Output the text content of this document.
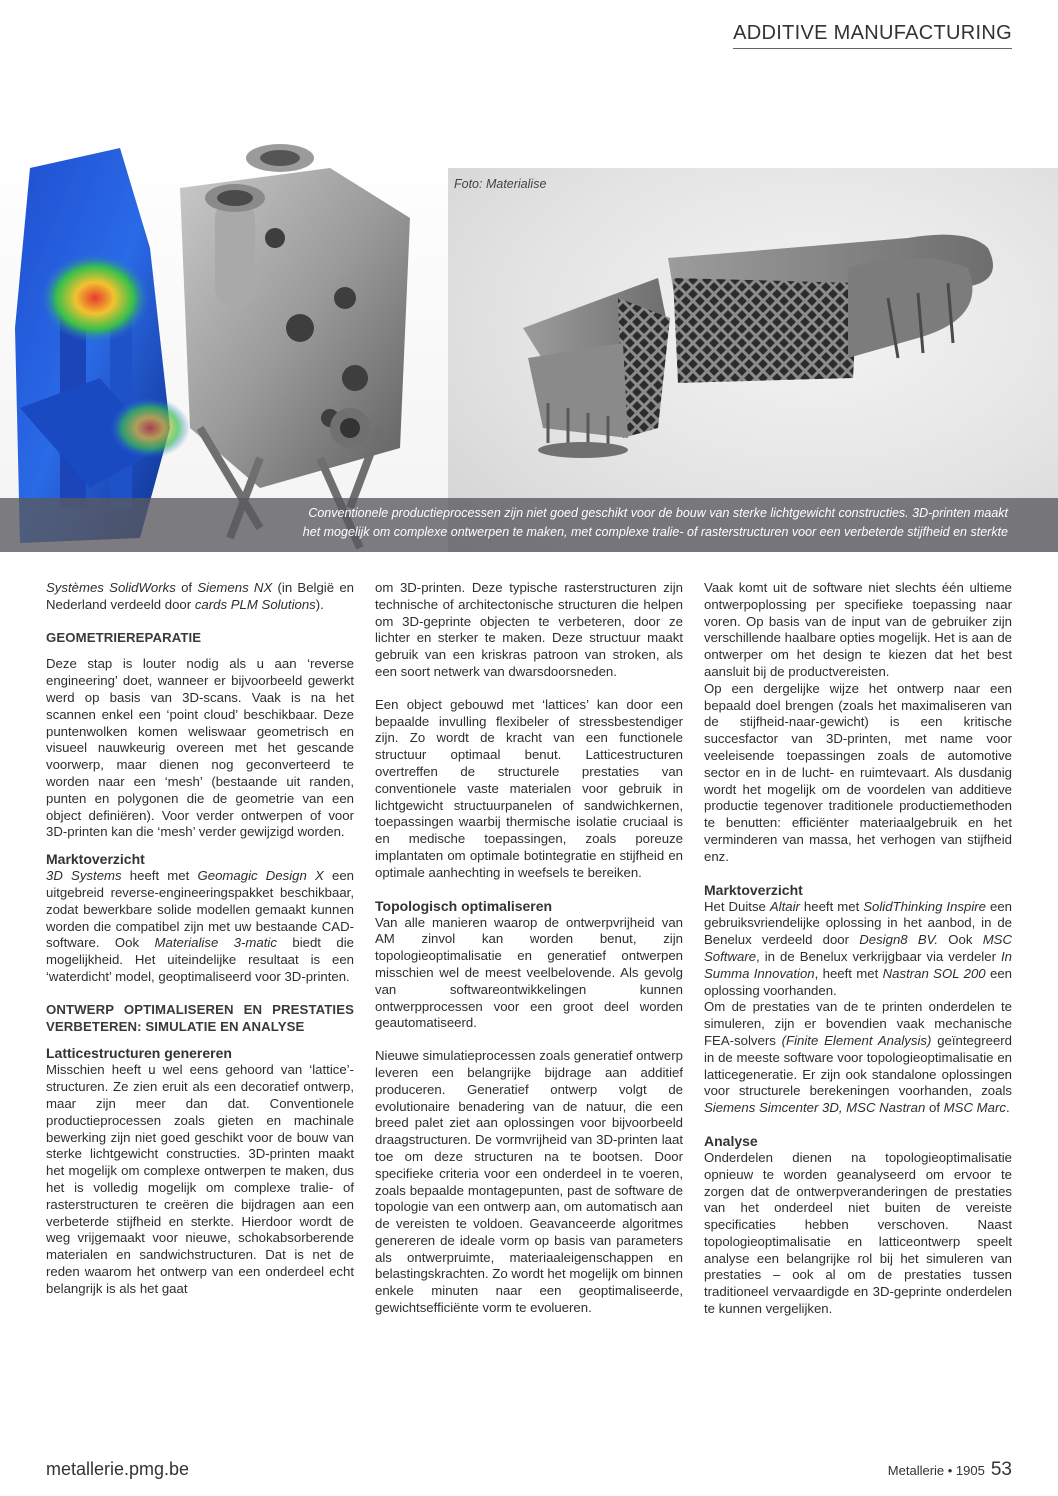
ADDITIVE MANUFACTURING
Foto: Materialise
Conventionele productieprocessen zijn niet goed geschikt voor de bouw van sterke lichtgewicht constructies. 3D-printen maakt
het mogelijk om complexe ontwerpen te maken, met complexe tralie- of rasterstructuren voor een verbeterde stijfheid en sterkte

Systèmes SolidWorks of Siemens NX (in België en Nederland verdeeld door cards PLM Solutions).

GEOMETRIEREPARATIE

Deze stap is louter nodig als u aan ‘reverse engineering’ doet, wanneer er bijvoorbeeld gewerkt werd op basis van 3D-scans. Vaak is na het scannen enkel een ‘point cloud’ beschikbaar. Deze puntenwolken komen weliswaar geometrisch en visueel nauwkeurig overeen met het gescande voorwerp, maar dienen nog geconverteerd te worden naar een ‘mesh’ (bestaande uit randen, punten en polygonen die de geometrie van een object definiëren). Voor verder ontwerpen of voor 3D-printen kan die ‘mesh’ verder gewijzigd worden.

Marktoverzicht

3D Systems heeft met Geomagic Design X een uitgebreid reverse-engineeringspakket beschikbaar, zodat bewerkbare solide modellen gemaakt kunnen worden die compatibel zijn met uw bestaande CAD-software. Ook Materialise 3-matic biedt die mogelijkheid. Het uiteindelijke resultaat is een ‘waterdicht’ model, geoptimaliseerd voor 3D-printen.

ONTWERP OPTIMALISEREN EN PRESTATIES VERBETEREN: SIMULATIE EN ANALYSE

Latticestructuren genereren

Misschien heeft u wel eens gehoord van ‘lattice’-structuren. Ze zien eruit als een decoratief ontwerp, maar zijn meer dan dat. Conventionele productieprocessen zoals gieten en machinale bewerking zijn niet goed geschikt voor de bouw van sterke lichtgewicht constructies. 3D-printen maakt het mogelijk om complexe ontwerpen te maken, dus het is volledig mogelijk om complexe tralie- of rasterstructuren te creëren die bijdragen aan een verbeterde stijfheid en sterkte. Hierdoor wordt de weg vrijgemaakt voor nieuwe, schokabsorberende materialen en sandwichstructuren. Dat is net de reden waarom het ontwerp van een onderdeel echt belangrijk is als het gaat

om 3D-printen. Deze typische rasterstructuren zijn technische of architectonische structuren die helpen om 3D-geprinte objecten te verbeteren, door ze lichter en sterker te maken. Deze structuur maakt gebruik van een kriskras patroon van stroken, als een soort netwerk van dwarsdoorsneden.

Een object gebouwd met ‘lattices’ kan door een bepaalde invulling flexibeler of stressbestendiger zijn. Zo wordt de kracht van een functionele structuur optimaal benut. Latticestructuren overtreffen de structurele prestaties van conventionele vaste materialen voor gebruik in lichtgewicht structuurpanelen of sandwichkernen, toepassingen waarbij thermische isolatie cruciaal is en medische toepassingen, zoals poreuze implantaten om optimale botintegratie en stijfheid en optimale aanhechting in weefsels te bereiken.

Topologisch optimaliseren

Van alle manieren waarop de ontwerpvrijheid van AM zinvol kan worden benut, zijn topologieoptimalisatie en generatief ontwerpen misschien wel de meest veelbelovende. Als gevolg van softwareontwikkelingen kunnen ontwerpprocessen voor een groot deel worden geautomatiseerd.

Nieuwe simulatieprocessen zoals generatief ontwerp leveren een belangrijke bijdrage aan additief produceren. Generatief ontwerp volgt de evolutionaire benadering van de natuur, die een breed palet ziet aan oplossingen voor bijvoorbeeld draagstructuren. De vormvrijheid van 3D-printen laat toe om deze structuren na te bootsen. Door specifieke criteria voor een onderdeel in te voeren, zoals bepaalde montagepunten, past de software de topologie van een ontwerp aan, om automatisch aan de vereisten te voldoen. Geavanceerde algoritmes genereren de ideale vorm op basis van parameters als ontwerpruimte, materiaaleigenschappen en belastingskrachten. Zo wordt het mogelijk om binnen enkele minuten naar een geoptimaliseerde, gewichtsefficiënte vorm te evolueren.

Vaak komt uit de software niet slechts één ultieme ontwerpoplossing per specifieke toepassing naar voren. Op basis van de input van de gebruiker zijn verschillende haalbare opties mogelijk. Het is aan de ontwerper om het design te kiezen dat het best aansluit bij de productvereisten.

Op een dergelijke wijze het ontwerp naar een bepaald doel brengen (zoals het maximaliseren van de stijfheid-naar-gewicht) is een kritische succesfactor van 3D-printen, met name voor veeleisende toepassingen zoals de automotive sector en in de lucht- en ruimtevaart. Als dusdanig wordt het mogelijk om de voordelen van additieve productie tegenover traditionele productiemethoden te benutten: efficiënter materiaalgebruik en het verminderen van massa, het verhogen van stijfheid enz.

Marktoverzicht

Het Duitse Altair heeft met SolidThinking Inspire een gebruiksvriendelijke oplossing in het aanbod, in de Benelux verdeeld door Design8 BV. Ook MSC Software, in de Benelux verkrijgbaar via verdeler In Summa Innovation, heeft met Nastran SOL 200 een oplossing voorhanden.

Om de prestaties van de te printen onderdelen te simuleren, zijn er bovendien vaak mechanische FEA-solvers (Finite Element Analysis) geïntegreerd in de meeste software voor topologieoptimalisatie en latticegeneratie. Er zijn ook standalone oplossingen voor structurele berekeningen voorhanden, zoals Siemens Simcenter 3D, MSC Nastran of MSC Marc.

Analyse

Onderdelen dienen na topologieoptimalisatie opnieuw te worden geanalyseerd om ervoor te zorgen dat de ontwerpveranderingen de prestaties van het onderdeel niet buiten de vereiste specificaties hebben verschoven. Naast topologieoptimalisatie en latticeontwerp speelt analyse een belangrijke rol bij het simuleren van prestaties – ook al om de prestaties tussen traditioneel vervaardigde en 3D-geprinte onderdelen te kunnen vergelijken.

metallerie.pmg.be	Metallerie • 1905 53
